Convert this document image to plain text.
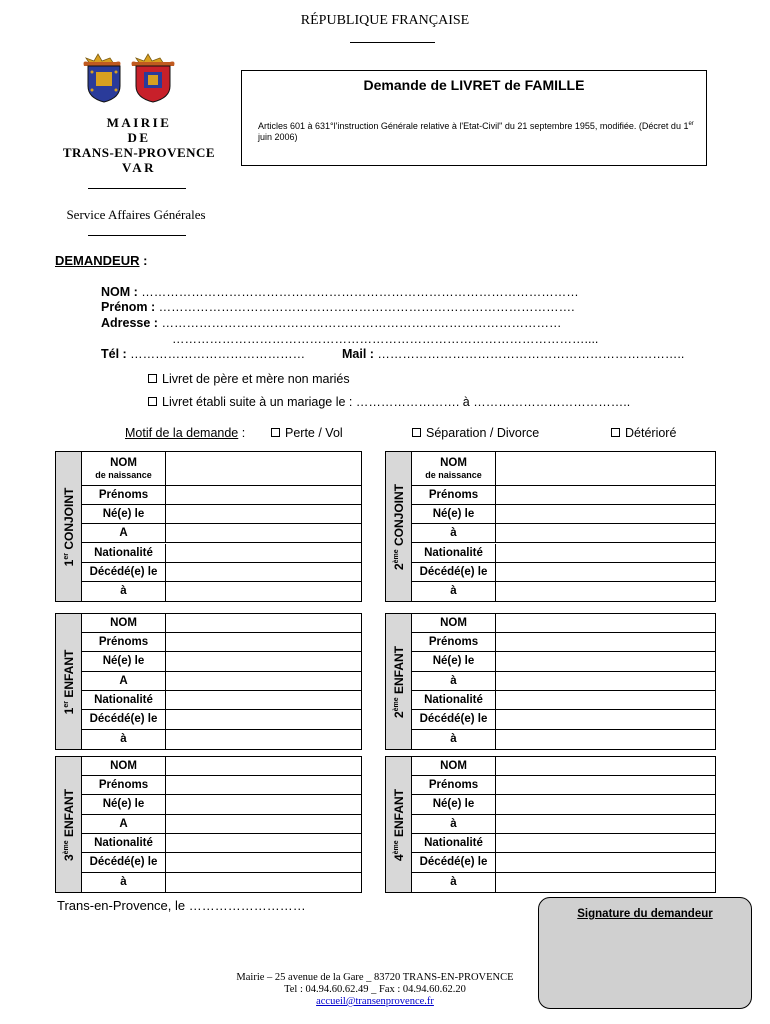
RÉPUBLIQUE FRANÇAISE
MAIRIE
DE
TRANS-EN-PROVENCE
VAR
Service Affaires Générales
Demande de LIVRET de FAMILLE
Articles 601 à 631°l'instruction Générale relative à l'Etat-Civil" du 21 septembre 1955, modifiée. (Décret du 1er juin 2006)
DEMANDEUR :
NOM : ……………………………………………………………………………………………
Prénom : ……………………………………………………………………………………….
Adresse : ……………………………………………………………………………………
………………………………………………………………………………………....
Tél : ……………………………………	Mail : ………………………………………………………………..
Livret de père et mère non mariés
Livret établi suite à un mariage le : ……………………. à ………………………………..
Motif de la demande :	Perte / Vol	Séparation / Divorce	Détérioré
1er CONJOINT
NOM
de naissance
Prénoms
Né(e) le
A
Nationalité
Décédé(e) le
à
2ème CONJOINT
NOM
de naissance
Prénoms
Né(e) le
à
Nationalité
Décédé(e) le
à
1er ENFANT
NOM
Prénoms
Né(e) le
A
Nationalité
Décédé(e) le
à
2ème ENFANT
NOM
Prénoms
Né(e) le
à
Nationalité
Décédé(e) le
à
3ème ENFANT
NOM
Prénoms
Né(e) le
A
Nationalité
Décédé(e) le
à
4ème ENFANT
NOM
Prénoms
Né(e) le
à
Nationalité
Décédé(e) le
à
Trans-en-Provence, le ………………………
Signature du demandeur
Mairie – 25 avenue de la Gare _ 83720 TRANS-EN-PROVENCE
Tel : 04.94.60.62.49 _ Fax : 04.94.60.62.20
accueil@transenprovence.fr
